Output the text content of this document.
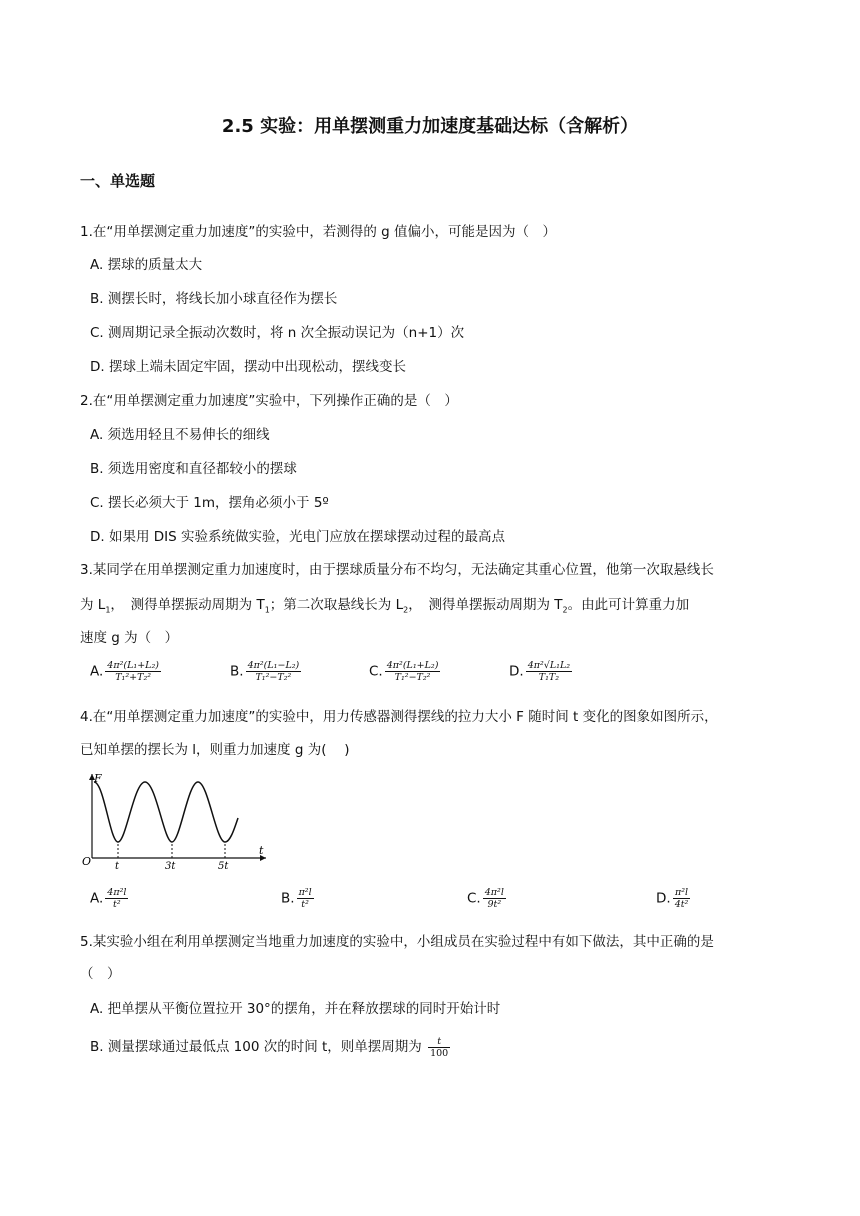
2.5 实验：用单摆测重力加速度基础达标（含解析）
一、单选题
1.在“用单摆测定重力加速度”的实验中，若测得的 g 值偏小，可能是因为（　）
A. 摆球的质量太大
B. 测摆长时，将线长加小球直径作为摆长
C. 测周期记录全振动次数时，将 n 次全振动误记为（n+1）次
D. 摆球上端未固定牢固，摆动中出现松动，摆线变长
2.在“用单摆测定重力加速度”实验中，下列操作正确的是（　）
A. 须选用轻且不易伸长的细线
B. 须选用密度和直径都较小的摆球
C. 摆长必须大于 1m，摆角必须小于 5º
D. 如果用 DIS 实验系统做实验，光电门应放在摆球摆动过程的最高点
3.某同学在用单摆测定重力加速度时，由于摆球质量分布不均匀，无法确定其重心位置，他第一次取悬线长
为 $L_1$，　测得单摆振动周期为 $T_1$；第二次取悬线长为 $L_2$，　测得单摆振动周期为 $T_2$。由此可计算重力加
速度 g 为（　）
A. $\frac{\text{4π²(L₁+L₂)}}{\text{T₁²+T₂²}}$	B. $\frac{\text{4π²(L₁−L₂)}}{\text{T₁²−T₂²}}$	C. $\frac{\text{4π²(L₁+L₂)}}{\text{T₁²−T₂²}}$	D. $\frac{\text{4π²√L₁L₂}}{\text{T₁T₂}}$
4.在“用单摆测定重力加速度”的实验中，用力传感器测得摆线的拉力大小 F 随时间 t 变化的图象如图所示，
已知单摆的摆长为 l，则重力加速度 g 为(　 )
F
O
t
t	3t	5t
A. $\frac{\text{4π²l}}{\text{t²}}$	B. $\frac{\text{π²l}}{\text{t²}}$	C. $\frac{\text{4π²l}}{\text{9t²}}$	D. $\frac{\text{π²l}}{\text{4t²}}$
5.某实验小组在利用单摆测定当地重力加速度的实验中，小组成员在实验过程中有如下做法，其中正确的是
（　）
A. 把单摆从平衡位置拉开 30°的摆角，并在释放摆球的同时开始计时
B. 测量摆球通过最低点 100 次的时间 t，则单摆周期为 $\frac{t}{100}$
